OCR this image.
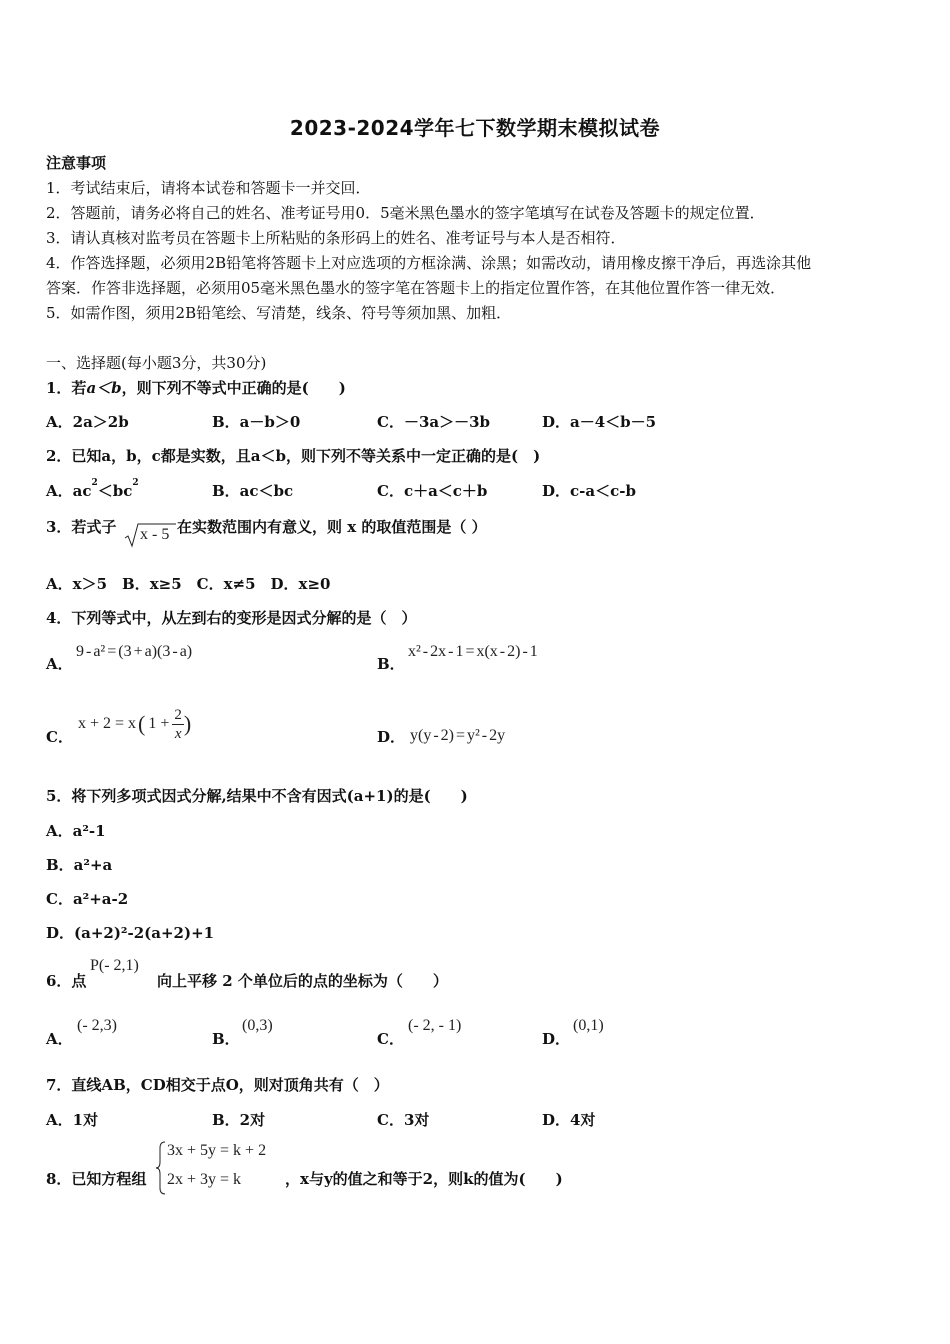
2023-2024学年七下数学期末模拟试卷
注意事项
1．考试结束后，请将本试卷和答题卡一并交回．
2．答题前，请务必将自己的姓名、准考证号用0．5毫米黑色墨水的签字笔填写在试卷及答题卡的规定位置．
3．请认真核对监考员在答题卡上所粘贴的条形码上的姓名、准考证号与本人是否相符．
4．作答选择题，必须用2B铅笔将答题卡上对应选项的方框涂满、涂黑；如需改动，请用橡皮擦干净后，再选涂其他
答案．作答非选择题，必须用05毫米黑色墨水的签字笔在答题卡上的指定位置作答，在其他位置作答一律无效．
5．如需作图，须用2B铅笔绘、写清楚，线条、符号等须加黑、加粗．
一、选择题(每小题3分，共30分)
1．若a＜b，则下列不等式中正确的是(　　)
A．2a＞2b	B．a－b＞0	C．－3a＞－3b	D．a－4＜b－5
2．已知a，b，c都是实数，且a＜b，则下列不等关系中一定正确的是(　)
A．$ac^2<bc^2$	B．ac＜bc	C．c＋a＜c＋b	D．c-a＜c-b
3．若式子 x - 5 在实数范围内有意义，则 x 的取值范围是（ ）
A．x＞5　B．x≥5　C．x≠5　D．x≥0
4．下列等式中，从左到右的变形是因式分解的是（　）
A．
9 - a² = (3 + a)(3 - a)
B．
x² - 2x - 1 = x(x - 2) - 1
C．
x + 2 = x ( $1 + \frac{2}{x}$ )
D． y(y - 2) = y² - 2y
5．将下列多项式因式分解,结果中不含有因式(a+1)的是(　　)
A．a²-1
B．a²+a
C．a²+a-2
D．(a+2)²-2(a+2)+1
6．点
P(- 2,1)
向上平移 2 个单位后的点的坐标为（　　）
A．
(- 2,3)
B．
(0,3)
C．
(- 2, - 1)
D．
(0,1)
7．直线AB，CD相交于点O，则对顶角共有（　）
A．1对	B．2对	C．3对	D．4对
8．已知方程组
3x + 5y = k + 2
2x + 3y = k	，x与y的值之和等于2，则k的值为(　　)
